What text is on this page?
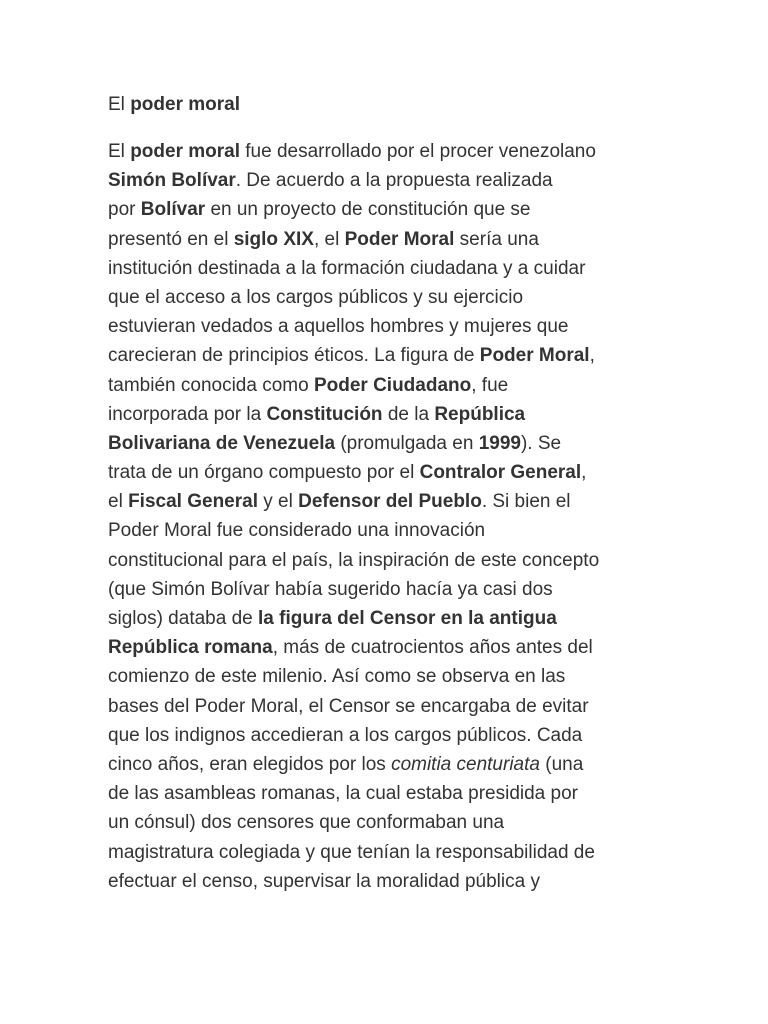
El poder moral

El poder moral fue desarrollado por el procer venezolano
Simón Bolívar. De acuerdo a la propuesta realizada
por Bolívar en un proyecto de constitución que se
presentó en el siglo XIX, el Poder Moral sería una
institución destinada a la formación ciudadana y a cuidar
que el acceso a los cargos públicos y su ejercicio
estuvieran vedados a aquellos hombres y mujeres que
carecieran de principios éticos. La figura de Poder Moral,
también conocida como Poder Ciudadano, fue
incorporada por la Constitución de la República
Bolivariana de Venezuela (promulgada en 1999). Se
trata de un órgano compuesto por el Contralor General,
el Fiscal General y el Defensor del Pueblo. Si bien el
Poder Moral fue considerado una innovación
constitucional para el país, la inspiración de este concepto
(que Simón Bolívar había sugerido hacía ya casi dos
siglos) databa de la figura del Censor en la antigua
República romana, más de cuatrocientos años antes del
comienzo de este milenio. Así como se observa en las
bases del Poder Moral, el Censor se encargaba de evitar
que los indignos accedieran a los cargos públicos. Cada
cinco años, eran elegidos por los comitia centuriata (una
de las asambleas romanas, la cual estaba presidida por
un cónsul) dos censores que conformaban una
magistratura colegiada y que tenían la responsabilidad de
efectuar el censo, supervisar la moralidad pública y
